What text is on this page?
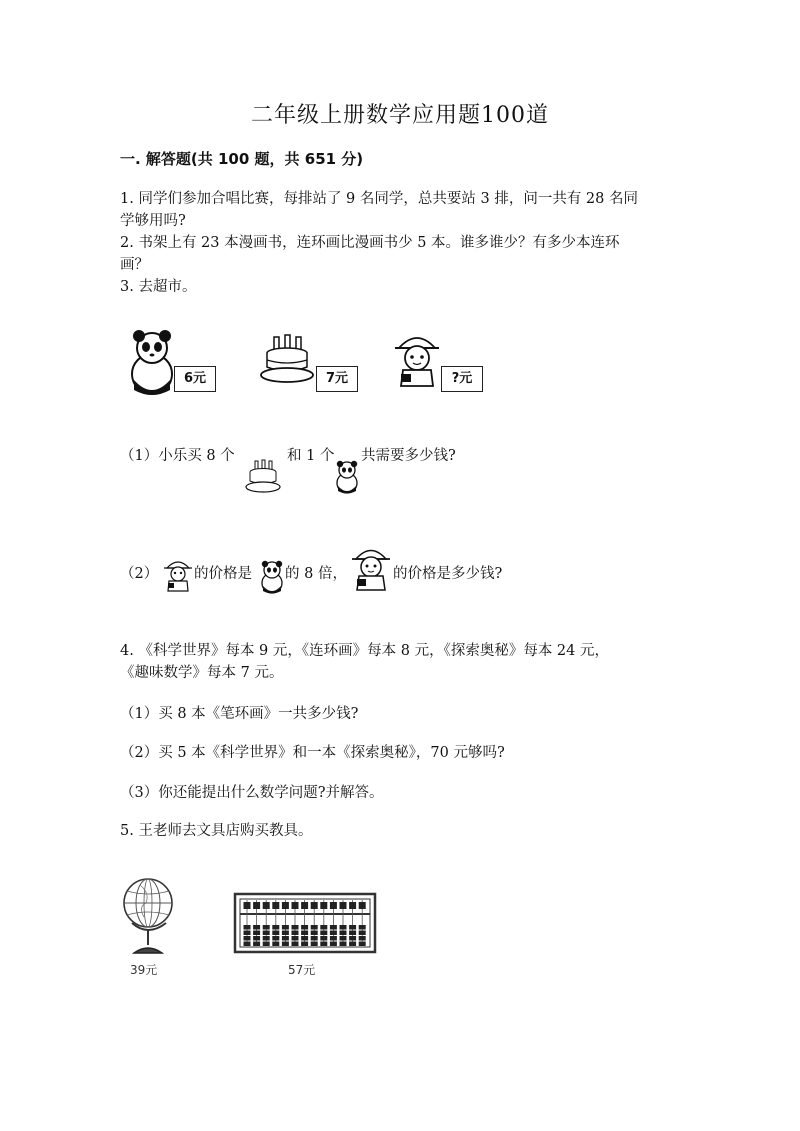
二年级上册数学应用题100道
一. 解答题(共 100 题，共 651 分)
1. 同学们参加合唱比赛，每排站了 9 名同学，总共要站 3 排，问一共有 28 名同
学够用吗?
2. 书架上有 23 本漫画书，连环画比漫画书少 5 本。谁多谁少？有多少本连环
画？
3. 去超市。
6元	7元	?元
（1）小乐买 8 个	和 1 个 共需要多少钱?
（2） 的价格是 的 8 倍，	的价格是多少钱?
4. 《科学世界》每本 9 元，《连环画》每本 8 元，《探索奥秘》每本 24 元，
《趣味数学》每本 7 元。
（1）买 8 本《笔环画》一共多少钱?
（2）买 5 本《科学世界》和一本《探索奥秘》，70 元够吗?
（3）你还能提出什么数学问题?并解答。
5. 王老师去文具店购买教具。
39元	57元
